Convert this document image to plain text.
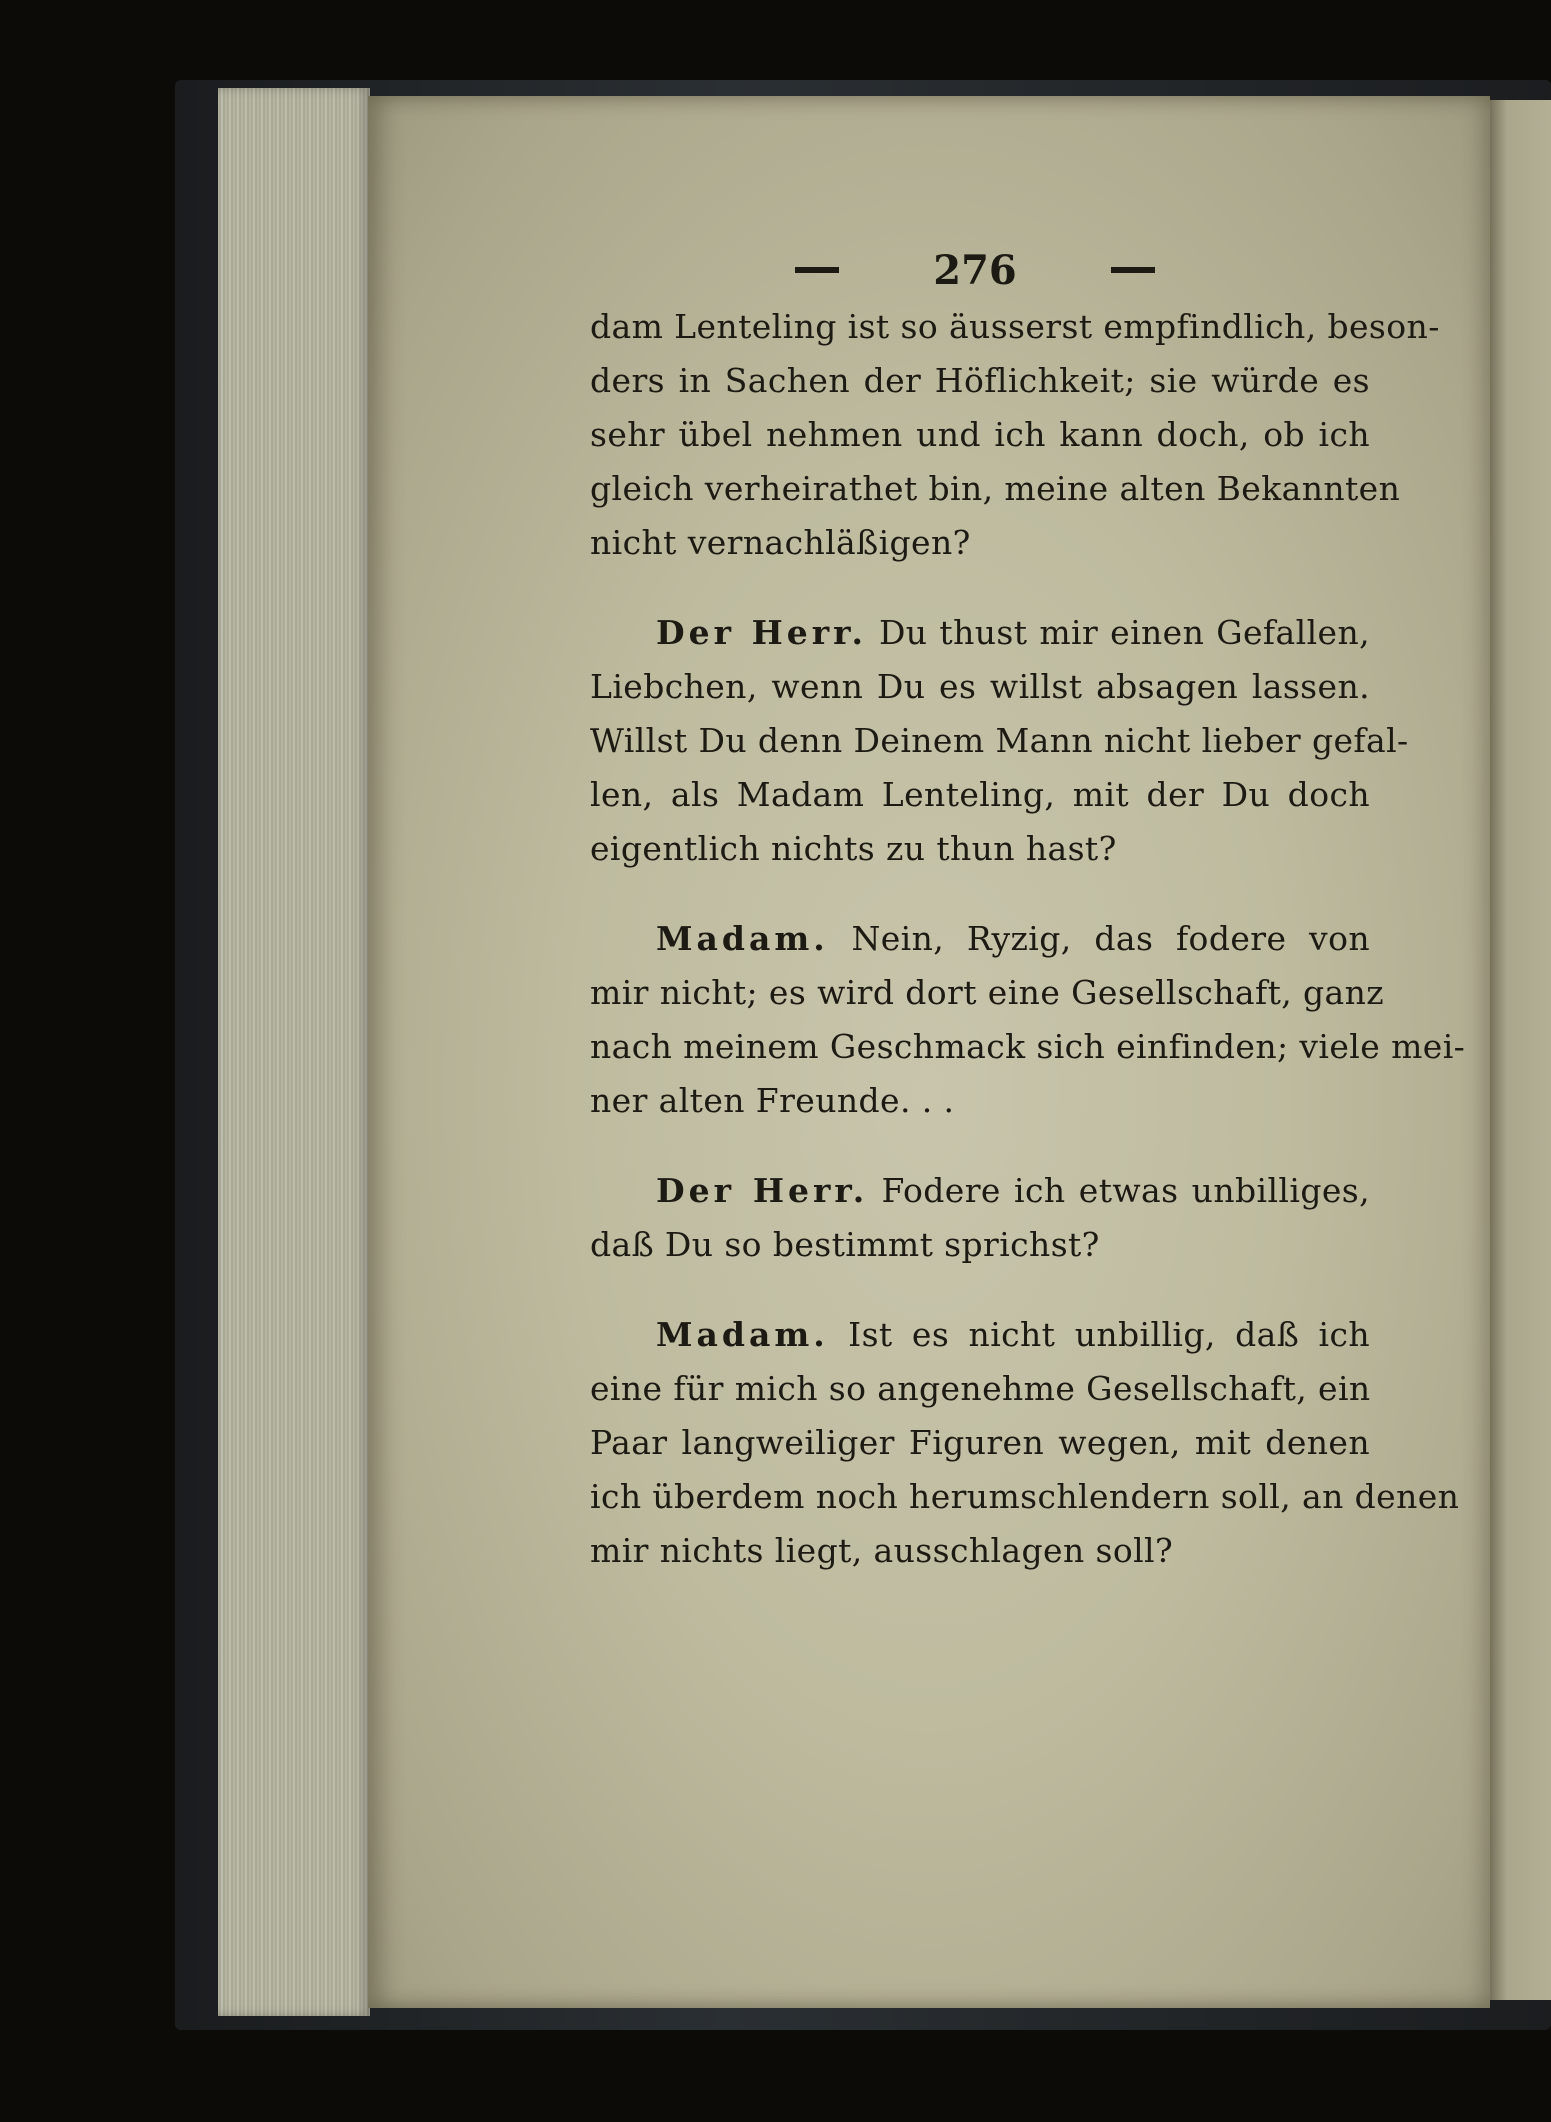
276
dam Lenteling ist so äusserst empfindlich, beson-
ders in Sachen der Höflichkeit; sie würde es
sehr übel nehmen und ich kann doch, ob ich
gleich verheirathet bin, meine alten Bekannten
nicht vernachläßigen?
Der Herr. Du thust mir einen Gefallen,
Liebchen, wenn Du es willst absagen lassen.
Willst Du denn Deinem Mann nicht lieber gefal-
len, als Madam Lenteling, mit der Du doch
eigentlich nichts zu thun hast?
Madam. Nein, Ryzig, das fodere von
mir nicht; es wird dort eine Gesellschaft, ganz
nach meinem Geschmack sich einfinden; viele mei-
ner alten Freunde. . .
Der Herr. Fodere ich etwas unbilliges,
daß Du so bestimmt sprichst?
Madam. Ist es nicht unbillig, daß ich
eine für mich so angenehme Gesellschaft, ein
Paar langweiliger Figuren wegen, mit denen
ich überdem noch herumschlendern soll, an denen
mir nichts liegt, ausschlagen soll?
